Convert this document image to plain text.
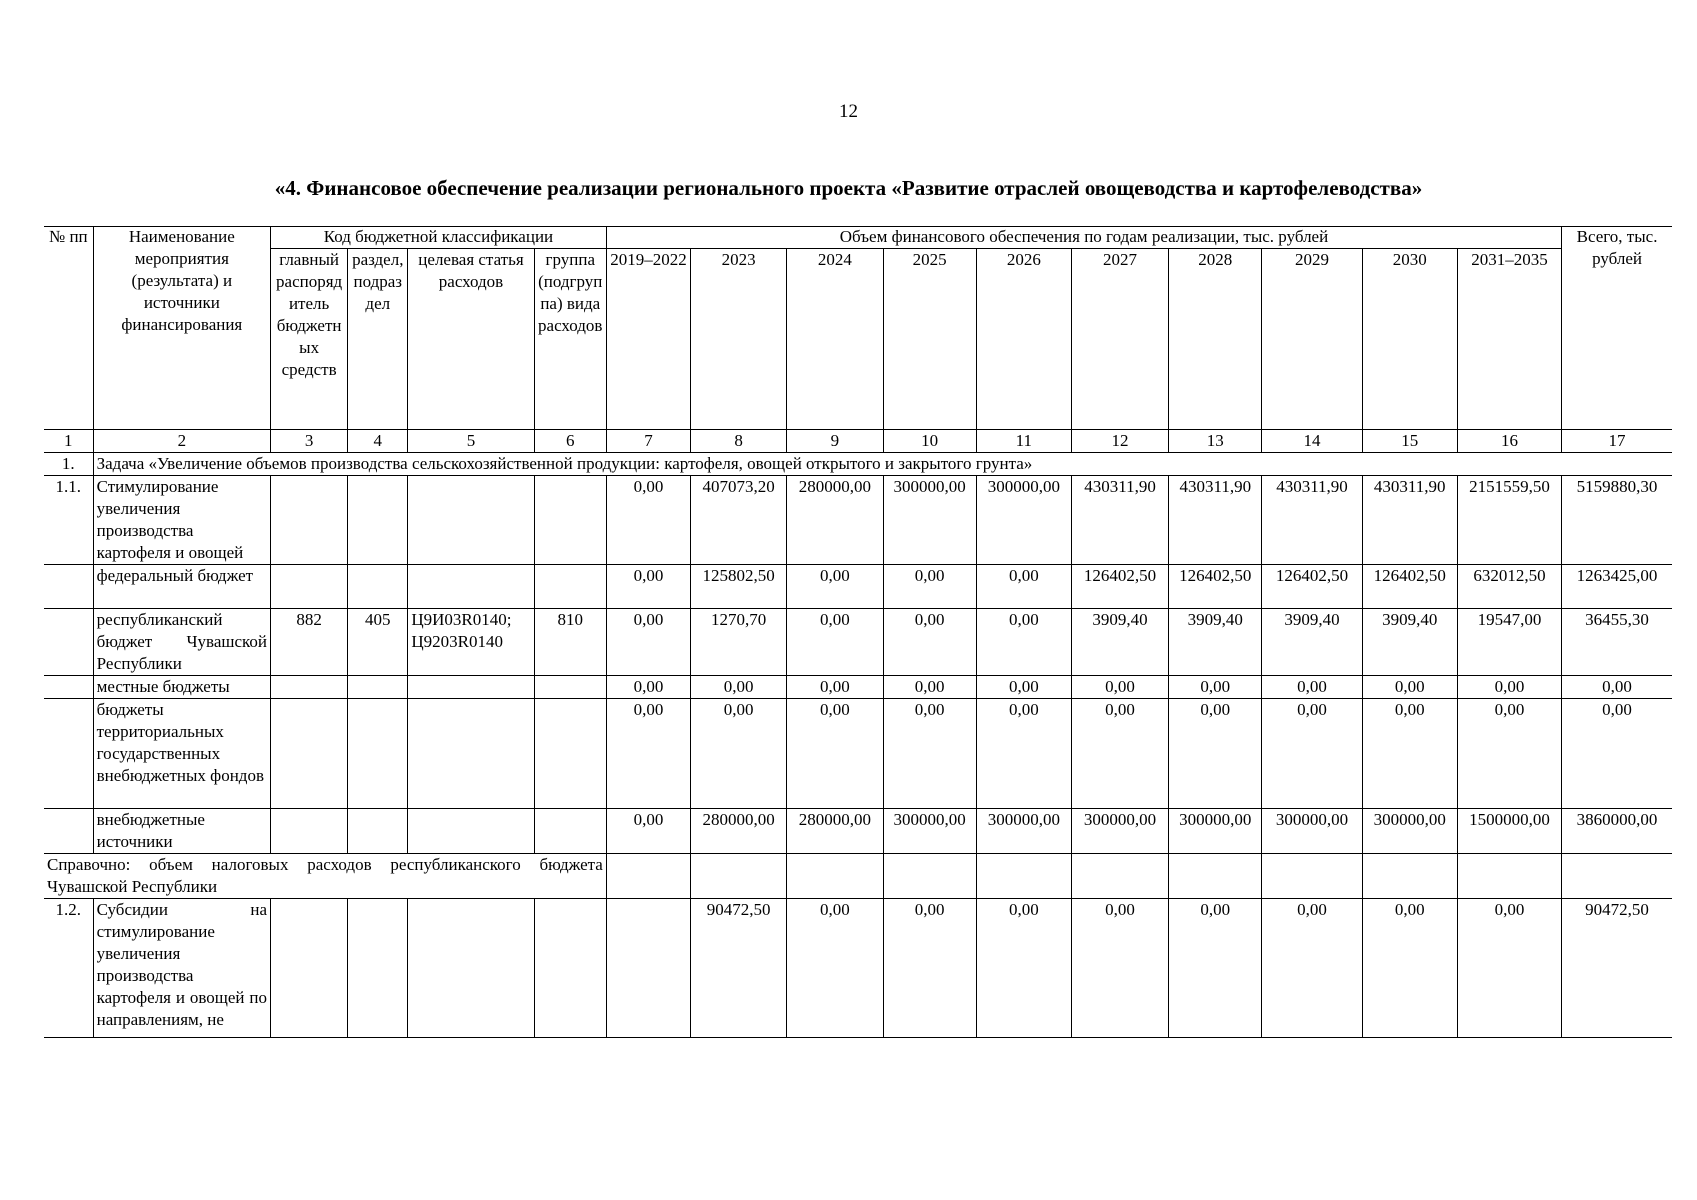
12
«4. Финансовое обеспечение реализации регионального проекта «Развитие отраслей овощеводства и картофелеводства»
№ пп	Наименование мероприятия (результата) и источники финансирования	Код бюджетной классификации				Объем финансового обеспечения по годам реализации, тыс. рублей										Всего, тыс. рублей
		главный распорядитель бюджетных средств	раздел, подраздел	целевая статья расходов	группа (подгруппа) вида расходов	2019–2022	2023	2024	2025	2026	2027	2028	2029	2030	2031–2035	
1	2	3	4	5	6	7	8	9	10	11	12	13	14	15	16	17
1.	Задача «Увеличение объемов производства сельскохозяйственной продукции: картофеля, овощей открытого и закрытого грунта»															
1.1.	Стимулирование увеличения производства картофеля и овощей					0,00	407073,20	280000,00	300000,00	300000,00	430311,90	430311,90	430311,90	430311,90	2151559,50	5159880,30
	федеральный бюджет					0,00	125802,50	0,00	0,00	0,00	126402,50	126402,50	126402,50	126402,50	632012,50	1263425,00
	республиканский бюджет Чувашской Республики	882	405	Ц9И03R0140; Ц9203R0140	810	0,00	1270,70	0,00	0,00	0,00	3909,40	3909,40	3909,40	3909,40	19547,00	36455,30
	местные бюджеты					0,00	0,00	0,00	0,00	0,00	0,00	0,00	0,00	0,00	0,00	0,00
	бюджеты территориальных государственных внебюджетных фондов					0,00	0,00	0,00	0,00	0,00	0,00	0,00	0,00	0,00	0,00	0,00
	внебюджетные источники					0,00	280000,00	280000,00	300000,00	300000,00	300000,00	300000,00	300000,00	300000,00	1500000,00	3860000,00
Справочно: объем налоговых расходов республиканского бюджета Чувашской Республики																
1.2.	Субсидии на стимулирование увеличения производства картофеля и овощей по направлениям, не						90472,50	0,00	0,00	0,00	0,00	0,00	0,00	0,00	0,00	90472,50
